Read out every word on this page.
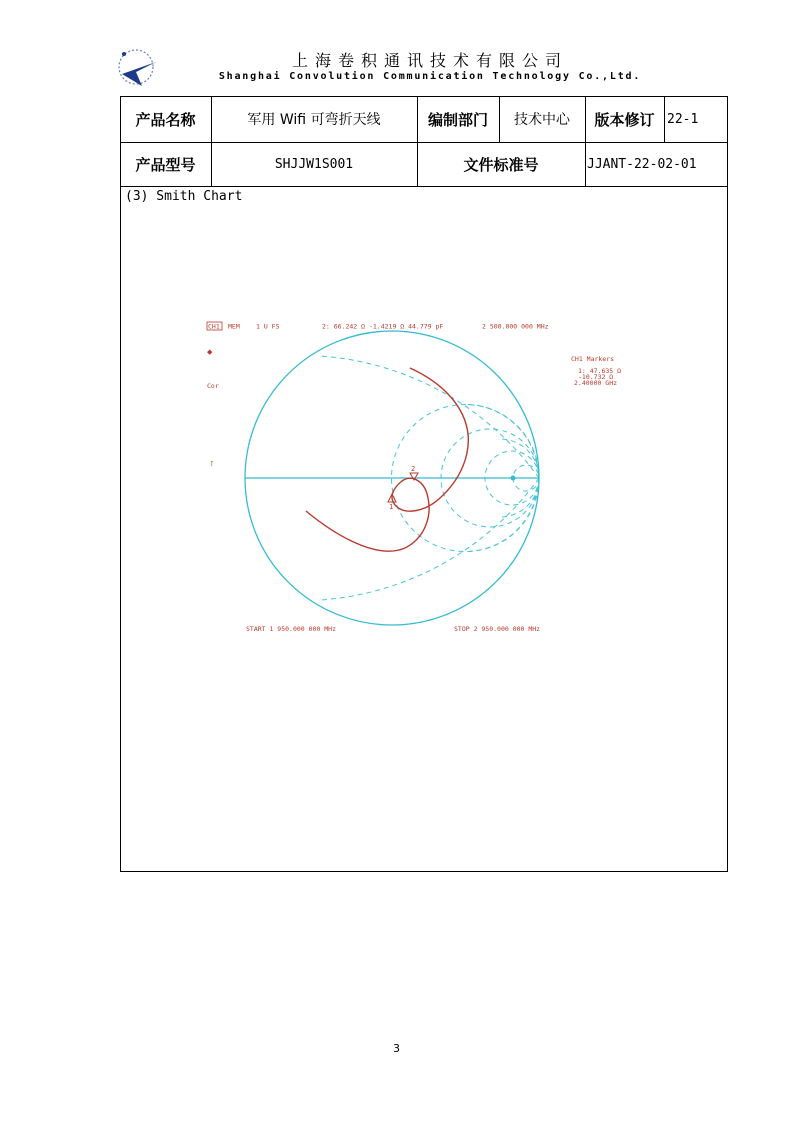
上海卷积通讯技术有限公司
Shanghai Convolution Communication Technology Co.,Ltd.
产品名称	军用 Wifi 可弯折天线	编制部门	技术中心	版本修订 22-1
产品型号	SHJJW1S001	文件标准号	JJANT-22-02-01
(3) Smith Chart
1
2
CH1 MEM	1 U FS	2: 66.242 Ω -1.4219 Ω 44.779 pF	2 500.000 000 MHz
Cor
CH1 Markers
1: 47.635 Ω
-10.732 Ω
2.40000 GHz
START 1 950.000 000 MHz	STOP 2 950.000 000 MHz
◆
↑
3
